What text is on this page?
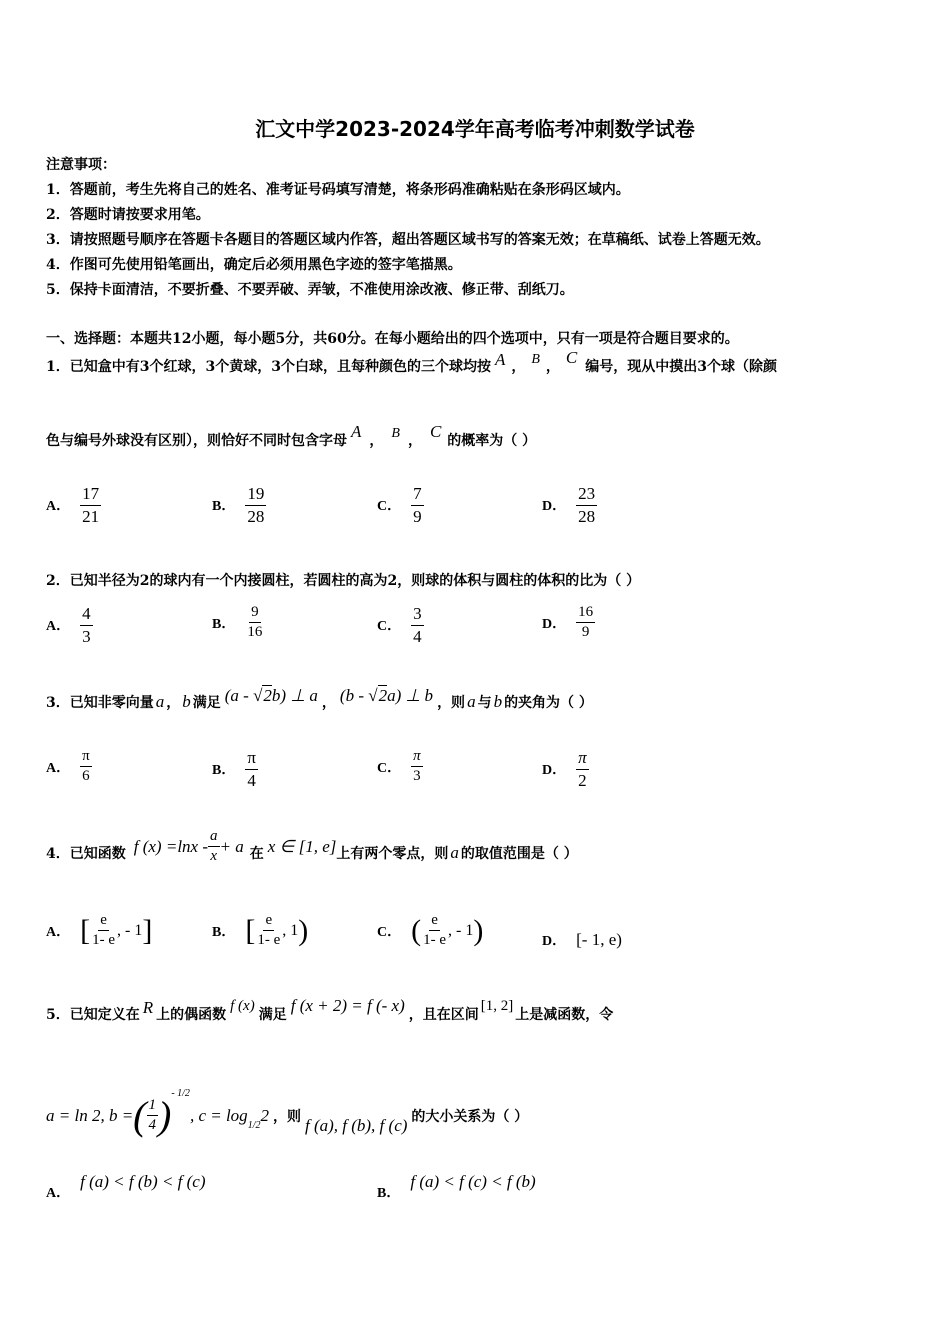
汇文中学2023-2024学年高考临考冲刺数学试卷
注意事项：
1．答题前，考生先将自己的姓名、准考证号码填写清楚，将条形码准确粘贴在条形码区域内。
2．答题时请按要求用笔。
3．请按照题号顺序在答题卡各题目的答题区域内作答，超出答题区域书写的答案无效；在草稿纸、试卷上答题无效。
4．作图可先使用铅笔画出，确定后必须用黑色字迹的签字笔描黑。
5．保持卡面清洁，不要折叠、不要弄破、弄皱，不准使用涂改液、修正带、刮纸刀。
一、选择题：本题共12小题，每小题5分，共60分。在每小题给出的四个选项中，只有一项是符合题目要求的。
1．已知盒中有3个红球，3个黄球，3个白球，且每种颜色的三个球均按 A ， B ， C 编号，现从中摸出3个球（除颜
色与编号外球没有区别），则恰好不同时包含字母 A ， B ， C 的概率为（ ）
A． $\frac{17}{21}$	B． $\frac{19}{28}$	C． $\frac{7}{9}$	D． $\frac{23}{28}$
2．已知半径为2的球内有一个内接圆柱，若圆柱的高为2，则球的体积与圆柱的体积的比为（ ）
A． $\frac{4}{3}$	B． $\frac{9}{16}$	C． $\frac{3}{4}$	D． $\frac{16}{9}$
3．已知非零向量 a ， b 满足 (a - √2b) ⊥ a ， (b - √2a) ⊥ b ，则 a 与 b 的夹角为（ ）
A． $\frac{\pi}{6}$	B． $\frac{\pi}{4}$	C． $\frac{\pi}{3}$	D． $\frac{\pi}{2}$
4．已知函数 f $(x) =\ln x - \frac{a}{x} + a$ 在 x ∈ [1, e] 上有两个零点，则 a 的取值范围是（ ）
A． [ $\frac{e}{1- e}$ , - 1 ]	B． [ $\frac{e}{1- e}$ , 1 )	C． ( $\frac{e}{1- e}$ , - 1 )	D． [- 1, e)
5．已知定义在 R 上的偶函数
f (x)
满足 f (x + 2) = f (- x) ，且在区间
[1, 2]
上是减函数，令
a = ln 2, b = ( $\frac{1}{4}$ ) - 1/2
, c = log
1/2
2 ，则 f (a), f (b), f (c) 的大小关系为（ ）
A．
f (a) < f (b) < f (c)
B．
f (a) < f (c) < f (b)
